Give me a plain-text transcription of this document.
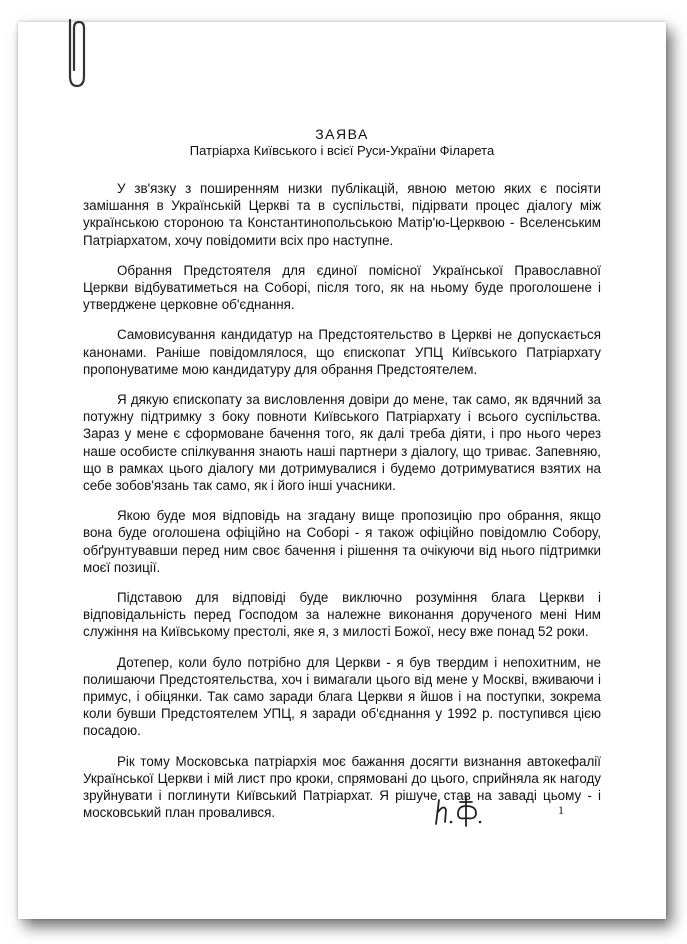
ЗАЯВА
Патріарха Київського і всієї Руси-України Філарета

У зв'язку з поширенням низки публікацій, явною метою яких є посіяти замішання в Українській Церкві та в суспільстві, підірвати процес діалогу між українською стороною та Константинопольською Матір'ю-Церквою - Вселенським Патріархатом, хочу повідомити всіх про наступне.

Обрання Предстоятеля для єдиної помісної Української Православної Церкви відбуватиметься на Соборі, після того, як на ньому буде проголошене і утверджене церковне об'єднання.

Самовисування кандидатур на Предстоятельство в Церкві не допускається канонами. Раніше повідомлялося, що єпископат УПЦ Київського Патріархату пропонуватиме мою кандидатуру для обрання Предстоятелем.

Я дякую єпископату за висловлення довіри до мене, так само, як вдячний за потужну підтримку з боку повноти Київського Патріархату і всього суспільства. Зараз у мене є сформоване бачення того, як далі треба діяти, і про нього через наше особисте спілкування знають наші партнери з діалогу, що триває. Запевняю, що в рамках цього діалогу ми дотримувалися і будемо дотримуватися взятих на себе зобов'язань так само, як і його інші учасники.

Якою буде моя відповідь на згадану вище пропозицію про обрання, якщо вона буде оголошена офіційно на Соборі - я також офіційно повідомлю Собору, обґрунтувавши перед ним своє бачення і рішення та очікуючи від нього підтримки моєї позиції.

Підставою для відповіді буде виключно розуміння блага Церкви і відповідальність перед Господом за належне виконання дорученого мені Ним служіння на Київському престолі, яке я, з милості Божої, несу вже понад 52 роки.

Дотепер, коли було потрібно для Церкви - я був твердим і непохитним, не полишаючи Предстоятельства, хоч і вимагали цього від мене у Москві, вживаючи і примус, і обіцянки. Так само заради блага Церкви я йшов і на поступки, зокрема коли бувши Предстоятелем УПЦ, я заради об'єднання у 1992 р. поступився цією посадою.

Рік тому Московська патріархія моє бажання досягти визнання автокефалії Української Церкви і мій лист про кроки, спрямовані до цього, сприйняла як нагоду зруйнувати і поглинути Київський Патріархат. Я рішуче став на заваді цьому - і московський план провалився.	1
